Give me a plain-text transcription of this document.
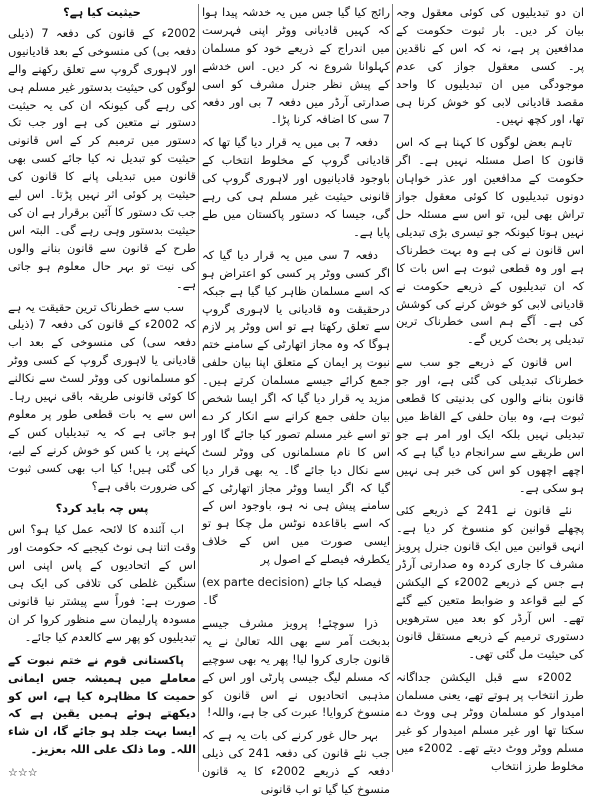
ان دو تبدیلیوں کی کوئی معقول وجہ بیان کر دیں۔ بار ثبوت حکومت کے مدافعین پر ہے، نہ کہ اس کے ناقدین پر۔ کسی معقول جواز کی عدم موجودگی میں ان تبدیلیوں کا واحد مقصد قادیانی لابی کو خوش کرنا ہی تھا، اور کچھ نہیں۔

تاہم بعض لوگوں کا کہنا ہے کہ اس قانون کا اصل مسئلہ نہیں ہے۔ اگر حکومت کے مدافعین اور عذر خواہان دونوں تبدیلیوں کا کوئی معقول جواز تراش بھی لیں، تو اس سے مسئلہ حل نہیں ہوتا کیونکہ جو تیسری بڑی تبدیلی اس قانون نے کی ہے وہ بہت خطرناک ہے اور وہ قطعی ثبوت ہے اس بات کا کہ ان تبدیلیوں کے ذریعے حکومت نے قادیانی لابی کو خوش کرنے کی کوشش کی ہے۔ آگے ہم اسی خطرناک ترین تبدیلی پر بحث کریں گے۔

اس قانون کے ذریعے جو سب سے خطرناک تبدیلی کی گئی ہے، اور جو قانون بنانے والوں کی بدنیتی کا قطعی ثبوت ہے، وہ بیان حلفی کے الفاظ میں تبدیلی نہیں بلکہ ایک اور امر ہے جو اس طریقے سے سرانجام دیا گیا ہے کہ اچھے اچھوں کو اس کی خبر ہی نہیں ہو سکی ہے۔

نئے قانون نے 241 کے ذریعے کئی پچھلے قوانین کو منسوخ کر دیا ہے۔ انہی قوانین میں ایک قانون جنرل پرویز مشرف کا جاری کردہ وہ صدارتی آرڈر ہے جس کے ذریعے 2002ء کے الیکشن کے لیے قواعد و ضوابط متعین کیے گئے تھے۔ اس آرڈر کو بعد میں سترھویں دستوری ترمیم کے ذریعے مستقل قانون کی حیثیت مل گئی تھی۔

2002ء سے قبل الیکشن جداگانہ طرز انتخاب پر ہوتے تھے، یعنی مسلمان امیدوار کو مسلمان ووٹر ہی ووٹ دے سکتا تھا اور غیر مسلم امیدوار کو غیر مسلم ووٹر ووٹ دیتے تھے۔ 2002ء میں مخلوط طرز انتخاب

رائج کیا گیا جس میں یہ خدشہ پیدا ہوا کہ کہیں قادیانی ووٹر اپنی فہرست میں اندراج کے ذریعے خود کو مسلمان کہلوانا شروع نہ کر دیں۔ اس خدشے کے پیش نظر جنرل مشرف کو اسی صدارتی آرڈر میں دفعہ 7 بی اور دفعہ 7 سی کا اضافہ کرنا پڑا۔

دفعہ 7 بی میں یہ قرار دیا گیا تھا کہ قادیانی گروپ کے مخلوط انتخاب کے باوجود قادیانیوں اور لاہوری گروپ کی قانونی حیثیت غیر مسلم ہی کی رہے گی، جیسا کہ دستور پاکستان میں طے پایا ہے۔

دفعہ 7 سی میں یہ قرار دیا گیا کہ اگر کسی ووٹر پر کسی کو اعتراض ہو کہ اسے مسلمان ظاہر کیا گیا ہے جبکہ درحقیقت وہ قادیانی یا لاہوری گروپ سے تعلق رکھتا ہے تو اس ووٹر پر لازم ہوگا کہ وہ مجاز اتھارٹی کے سامنے ختم نبوت پر ایمان کے متعلق اپنا بیان حلفی جمع کرائے جیسے مسلمان کرتے ہیں۔ مزید یہ قرار دیا گیا کہ اگر ایسا شخص بیان حلفی جمع کرانے سے انکار کر دے تو اسے غیر مسلم تصور کیا جائے گا اور اس کا نام مسلمانوں کی ووٹر لسٹ سے نکال دیا جائے گا۔ یہ بھی قرار دیا گیا کہ اگر ایسا ووٹر مجاز اتھارٹی کے سامنے پیش ہی نہ ہو، باوجود اس کے کہ اسے باقاعدہ نوٹس مل چکا ہو تو ایسی صورت میں اس کے خلاف یکطرفہ فیصلے کے اصول پر

(ex parte decision) فیصلہ کیا جائے گا۔

ذرا سوچئے! پرویز مشرف جیسے بدبخت آمر سے بھی اللہ تعالیٰ نے یہ قانون جاری کروا لیا! پھر یہ بھی سوچیے کہ مسلم لیگ جیسی پارٹی اور اس کے مذہبی اتحادیوں نے اس قانون کو منسوخ کروایا! عبرت کی جا ہے، واللہ!

بہر حال غور کرنے کی بات یہ ہے کہ جب نئے قانون کی دفعہ 241 کی ذیلی دفعہ کے ذریعے 2002ء کا یہ قانون منسوخ کیا گیا تو اب قانونی

حیثیت کیا ہے؟

2002ء کے قانون کی دفعہ 7 (ذیلی دفعہ بی) کی منسوخی کے بعد قادیانیوں اور لاہوری گروپ سے تعلق رکھنے والے لوگوں کی حیثیت بدستور غیر مسلم ہی کی رہے گی کیونکہ ان کی یہ حیثیت دستور نے متعین کی ہے اور جب تک دستور میں ترمیم کر کے اس قانونی حیثیت کو تبدیل نہ کیا جائے کسی بھی قانون میں تبدیلی پانے کا قانون کی حیثیت پر کوئی اثر نہیں پڑتا۔ اس لیے جب تک دستور کا آئین برقرار ہے ان کی حیثیت بدستور وہی رہے گی۔ البتہ اس طرح کے قانون سے قانون بنانے والوں کی نیت تو بہر حال معلوم ہو جاتی ہے۔

سب سے خطرناک ترین حقیقت یہ ہے کہ 2002ء کے قانون کی دفعہ 7 (ذیلی دفعہ سی) کی منسوخی کے بعد اب قادیانی یا لاہوری گروپ کے کسی ووٹر کو مسلمانوں کی ووٹر لسٹ سے نکالنے کا کوئی قانونی طریقہ باقی نہیں رہا۔ اس سے یہ بات قطعی طور پر معلوم ہو جاتی ہے کہ یہ تبدیلیاں کس کے کہنے پر، یا کس کو خوش کرنے کے لیے، کی گئی ہیں! کیا اب بھی کسی ثبوت کی ضرورت باقی ہے؟

پس چہ باید کرد؟

اب آئندہ کا لائحہ عمل کیا ہو؟ اس وقت اتنا ہی نوٹ کیجیے کہ حکومت اور اس کے اتحادیوں کے پاس اپنی اس سنگین غلطی کی تلافی کی ایک ہی صورت ہے: فوراً سے پیشتر نیا قانونی مسودہ پارلیمان سے منظور کروا کر ان تبدیلیوں کو پھر سے کالعدم کیا جائے۔

پاکستانی قوم نے ختم نبوت کے معاملے میں ہمیشہ جس ایمانی حمیت کا مظاہرہ کیا ہے، اس کو دیکھتے ہوئے ہمیں یقین ہے کہ ایسا بہت جلد ہو جائے گا، ان شاء اللہ۔ وما ذلک علی اللہ بعزیز۔

☆☆☆
